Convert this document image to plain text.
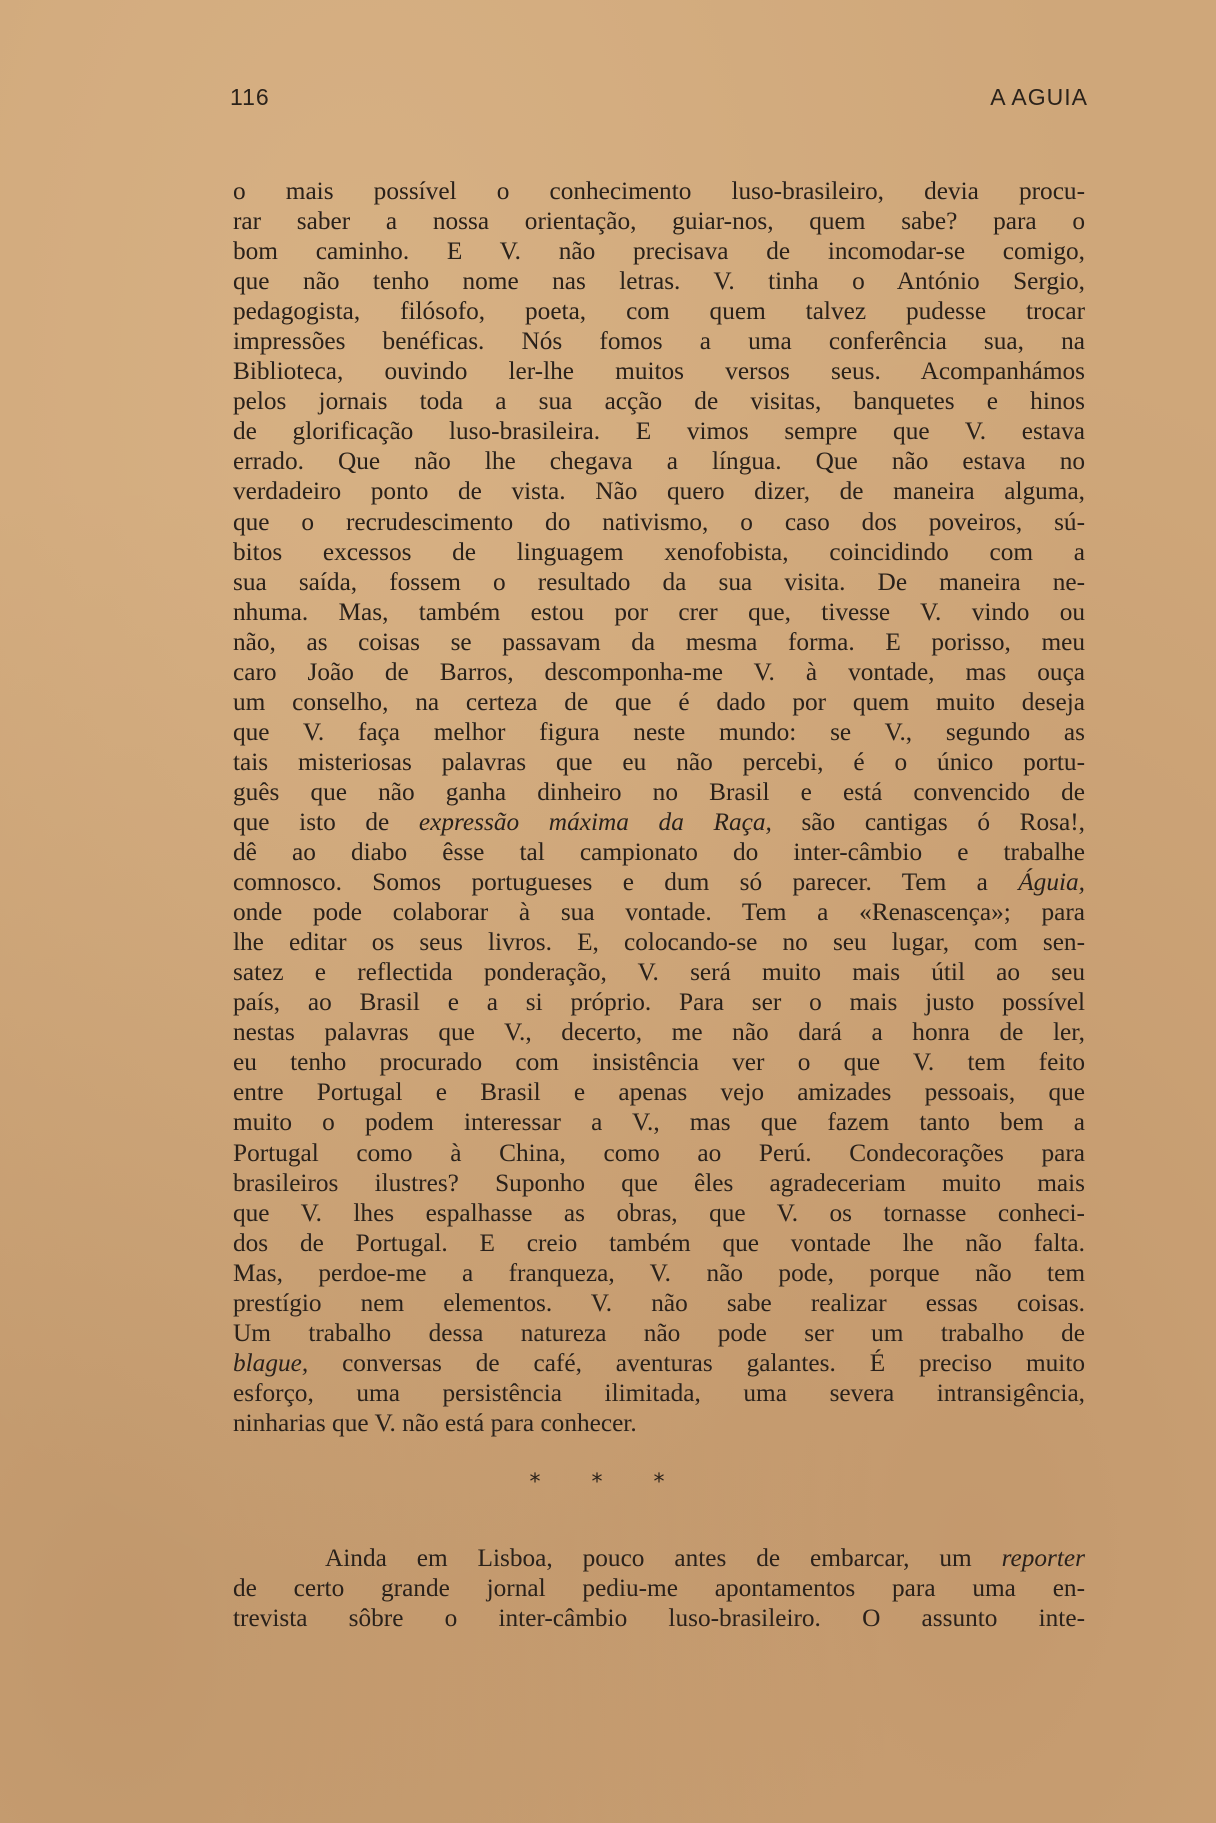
116	A AGUIA
o mais possível o conhecimento luso-brasileiro, devia procu-
rar saber a nossa orientação, guiar-nos, quem sabe? para o
bom caminho. E V. não precisava de incomodar-se comigo,
que não tenho nome nas letras. V. tinha o António Sergio,
pedagogista, filósofo, poeta, com quem talvez pudesse trocar
impressões benéficas. Nós fomos a uma conferência sua, na
Biblioteca, ouvindo ler-lhe muitos versos seus. Acompanhámos
pelos jornais toda a sua acção de visitas, banquetes e hinos
de glorificação luso-brasileira. E vimos sempre que V. estava
errado. Que não lhe chegava a língua. Que não estava no
verdadeiro ponto de vista. Não quero dizer, de maneira alguma,
que o recrudescimento do nativismo, o caso dos poveiros, sú-
bitos excessos de linguagem xenofobista, coincidindo com a
sua saída, fossem o resultado da sua visita. De maneira ne-
nhuma. Mas, também estou por crer que, tivesse V. vindo ou
não, as coisas se passavam da mesma forma. E porisso, meu
caro João de Barros, descomponha-me V. à vontade, mas ouça
um conselho, na certeza de que é dado por quem muito deseja
que V. faça melhor figura neste mundo: se V., segundo as
tais misteriosas palavras que eu não percebi, é o único portu-
guês que não ganha dinheiro no Brasil e está convencido de
que isto de expressão máxima da Raça, são cantigas ó Rosa!,
dê ao diabo êsse tal campionato do inter-câmbio e trabalhe
comnosco. Somos portugueses e dum só parecer. Tem a Águia,
onde pode colaborar à sua vontade. Tem a «Renascença»; para
lhe editar os seus livros. E, colocando-se no seu lugar, com sen-
satez e reflectida ponderação, V. será muito mais útil ao seu
país, ao Brasil e a si próprio. Para ser o mais justo possível
nestas palavras que V., decerto, me não dará a honra de ler,
eu tenho procurado com insistência ver o que V. tem feito
entre Portugal e Brasil e apenas vejo amizades pessoais, que
muito o podem interessar a V., mas que fazem tanto bem a
Portugal como à China, como ao Perú. Condecorações para
brasileiros ilustres? Suponho que êles agradeceriam muito mais
que V. lhes espalhasse as obras, que V. os tornasse conheci-
dos de Portugal. E creio também que vontade lhe não falta.
Mas, perdoe-me a franqueza, V. não pode, porque não tem
prestígio nem elementos. V. não sabe realizar essas coisas.
Um trabalho dessa natureza não pode ser um trabalho de
blague, conversas de café, aventuras galantes. É preciso muito
esforço, uma persistência ilimitada, uma severa intransigência,
ninharias que V. não está para conhecer.
* * *
Ainda em Lisboa, pouco antes de embarcar, um reporter
de certo grande jornal pediu-me apontamentos para uma en-
trevista sôbre o inter-câmbio luso-brasileiro. O assunto inte-
